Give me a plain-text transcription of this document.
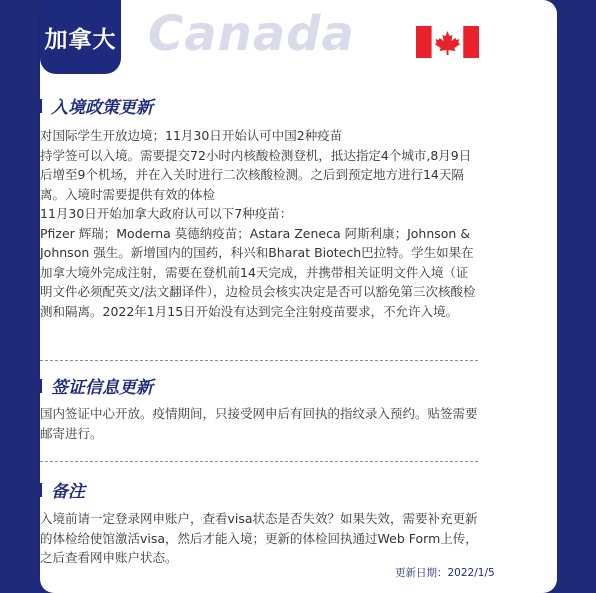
加拿大 Canada
入境政策更新
对国际学生开放边境；11月30日开始认可中国2种疫苗
持学签可以入境。需要提交72小时内核酸检测登机，抵达指定4个城市,8月9日后增至9个机场，并在入关时进行二次核酸检测。之后到预定地方进行14天隔离。入境时需要提供有效的体检
11月30日开始加拿大政府认可以下7种疫苗：
Pfizer 辉瑞；Moderna 莫德纳疫苗；Astara Zeneca 阿斯利康；Johnson & Johnson 强生。新增国内的国药，科兴和Bharat Biotech巴拉特。学生如果在加拿大境外完成注射，需要在登机前14天完成，并携带相关证明文件入境（证明文件必须配英文/法文翻译件），边检员会核实决定是否可以豁免第三次核酸检测和隔离。2022年1月15日开始没有达到完全注射疫苗要求，不允许入境。
签证信息更新
国内签证中心开放。疫情期间，只接受网申后有回执的指纹录入预约。贴签需要邮寄进行。
备注
入境前请一定登录网申账户，查看visa状态是否失效？如果失效，需要补充更新的体检给使馆激活visa，然后才能入境；更新的体检回执通过Web Form上传，之后查看网申账户状态。
更新日期：2022/1/5
